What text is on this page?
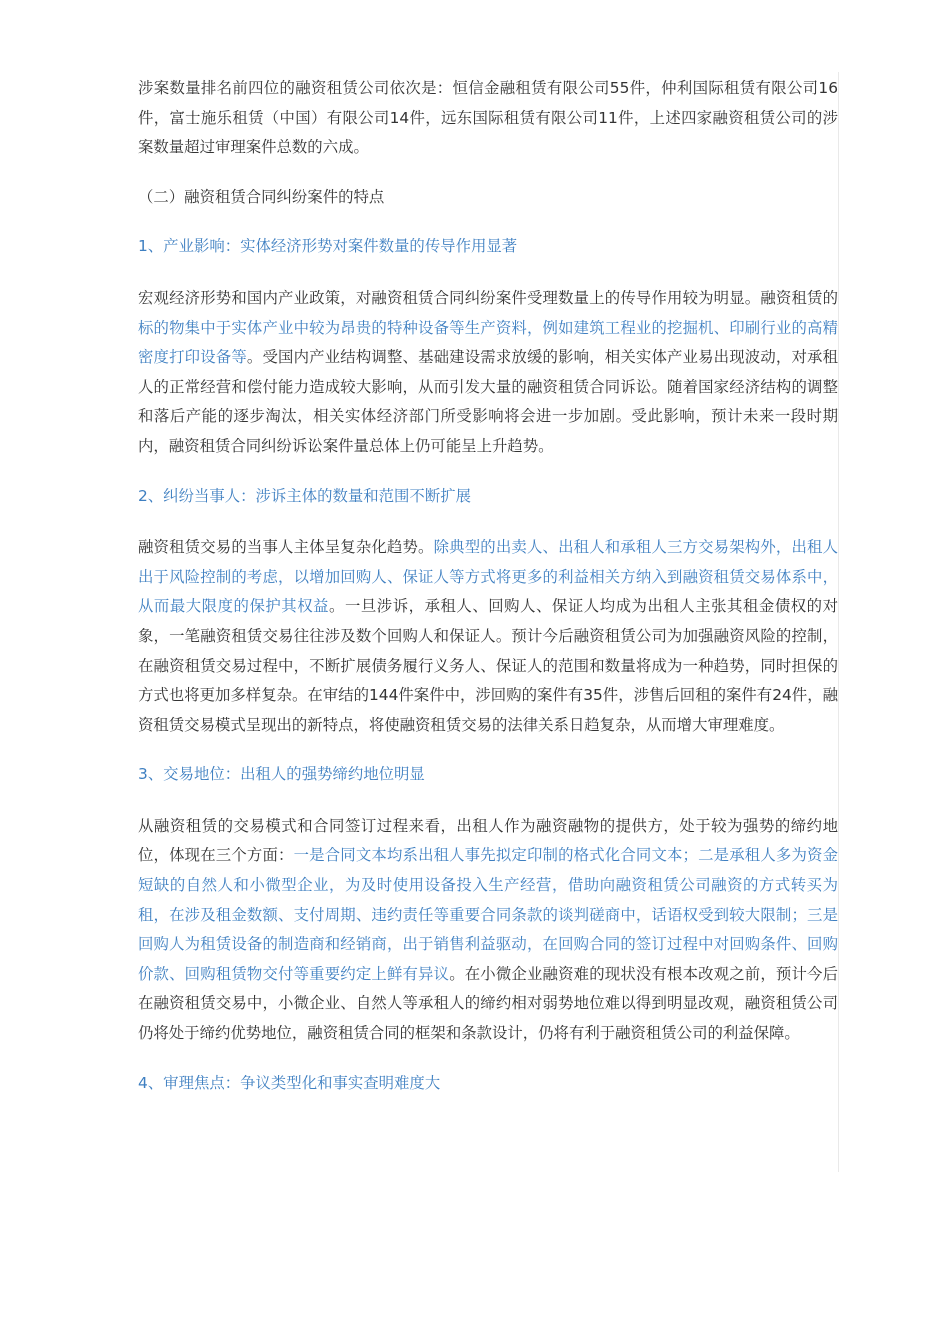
涉案数量排名前四位的融资租赁公司依次是：恒信金融租赁有限公司55件，仲利国际租赁有限公司16件，富士施乐租赁（中国）有限公司14件，远东国际租赁有限公司11件，上述四家融资租赁公司的涉案数量超过审理案件总数的六成。

（二）融资租赁合同纠纷案件的特点

1、产业影响：实体经济形势对案件数量的传导作用显著

宏观经济形势和国内产业政策，对融资租赁合同纠纷案件受理数量上的传导作用较为明显。融资租赁的标的物集中于实体产业中较为昂贵的特种设备等生产资料，例如建筑工程业的挖掘机、印刷行业的高精密度打印设备等。受国内产业结构调整、基础建设需求放缓的影响，相关实体产业易出现波动，对承租人的正常经营和偿付能力造成较大影响，从而引发大量的融资租赁合同诉讼。随着国家经济结构的调整和落后产能的逐步淘汰，相关实体经济部门所受影响将会进一步加剧。受此影响，预计未来一段时期内，融资租赁合同纠纷诉讼案件量总体上仍可能呈上升趋势。

2、纠纷当事人：涉诉主体的数量和范围不断扩展

融资租赁交易的当事人主体呈复杂化趋势。除典型的出卖人、出租人和承租人三方交易架构外，出租人出于风险控制的考虑，以增加回购人、保证人等方式将更多的利益相关方纳入到融资租赁交易体系中，从而最大限度的保护其权益。一旦涉诉，承租人、回购人、保证人均成为出租人主张其租金债权的对象，一笔融资租赁交易往往涉及数个回购人和保证人。预计今后融资租赁公司为加强融资风险的控制，在融资租赁交易过程中，不断扩展债务履行义务人、保证人的范围和数量将成为一种趋势，同时担保的方式也将更加多样复杂。在审结的144件案件中，涉回购的案件有35件，涉售后回租的案件有24件，融资租赁交易模式呈现出的新特点，将使融资租赁交易的法律关系日趋复杂，从而增大审理难度。

3、交易地位：出租人的强势缔约地位明显

从融资租赁的交易模式和合同签订过程来看，出租人作为融资融物的提供方，处于较为强势的缔约地位，体现在三个方面：一是合同文本均系出租人事先拟定印制的格式化合同文本；二是承租人多为资金短缺的自然人和小微型企业，为及时使用设备投入生产经营，借助向融资租赁公司融资的方式转买为租，在涉及租金数额、支付周期、违约责任等重要合同条款的谈判磋商中，话语权受到较大限制；三是回购人为租赁设备的制造商和经销商，出于销售利益驱动，在回购合同的签订过程中对回购条件、回购价款、回购租赁物交付等重要约定上鲜有异议。在小微企业融资难的现状没有根本改观之前，预计今后在融资租赁交易中，小微企业、自然人等承租人的缔约相对弱势地位难以得到明显改观，融资租赁公司仍将处于缔约优势地位，融资租赁合同的框架和条款设计，仍将有利于融资租赁公司的利益保障。

4、审理焦点：争议类型化和事实查明难度大
